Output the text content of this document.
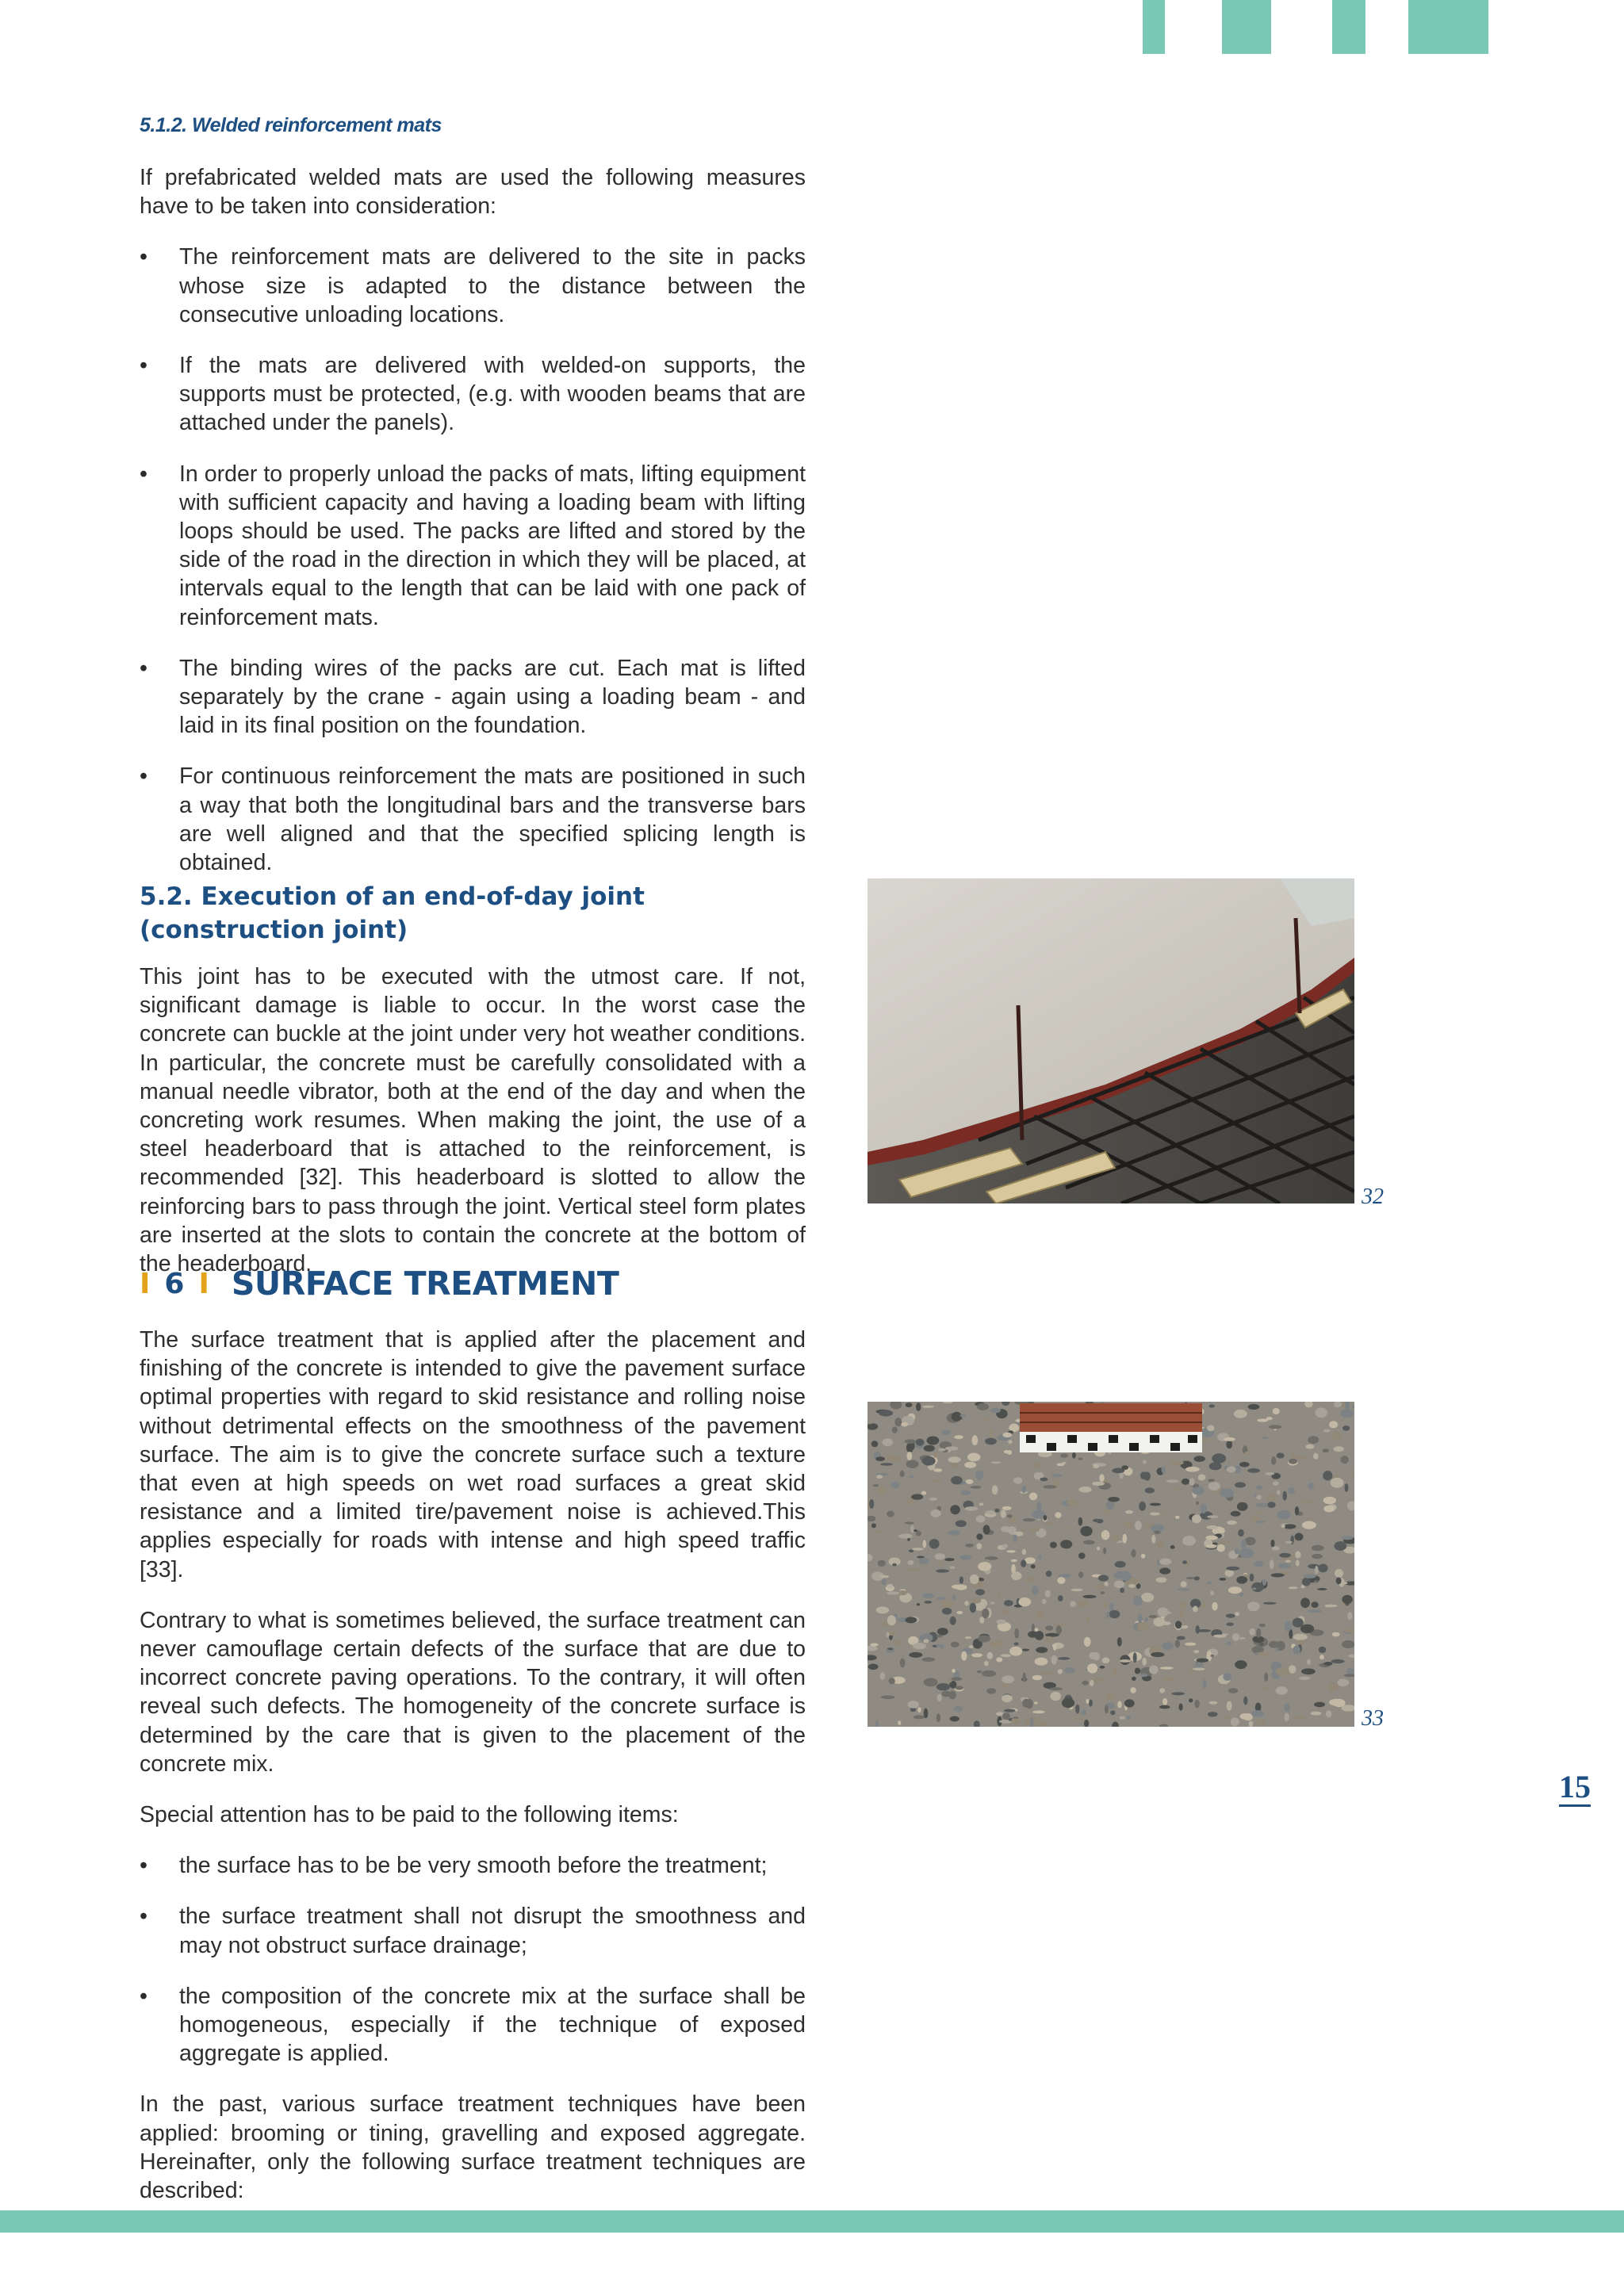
5.1.2. Welded reinforcement mats

If prefabricated welded mats are used the following measures have to be taken into consideration:

•	The reinforcement mats are delivered to the site in packs whose size is adapted to the distance between the consecutive unloading locations.
•	If the mats are delivered with welded-on supports, the supports must be protected, (e.g. with wooden beams that are attached under the panels).
•	In order to properly unload the packs of mats, lifting equipment with sufficient capacity and having a loading beam with lifting loops should be used. The packs are lifted and stored by the side of the road in the direction in which they will be placed, at intervals equal to the length that can be laid with one pack of reinforcement mats.
•	The binding wires of the packs are cut. Each mat is lifted separately by the crane - again using a loading beam - and laid in its final position on the foundation.
•	For continuous reinforcement the mats are positioned in such a way that both the longitudinal bars and the transverse bars are well aligned and that the specified splicing length is obtained.
5.2. Execution of an end-of-day joint
(construction joint)

This joint has to be executed with the utmost care. If not, significant damage is liable to occur. In the worst case the concrete can buckle at the joint under very hot weather conditions. In particular, the concrete must be carefully consolidated with a manual needle vibrator, both at the end of the day and when the concreting work resumes. When making the joint, the use of a steel headerboard that is attached to the reinforcement, is recommended [32]. This headerboard is slotted to allow the reinforcing bars to pass through the joint. Vertical steel form plates are inserted at the slots to contain the concrete at the bottom of the headerboard.

I 6 I SURFACE TREATMENT

The surface treatment that is applied after the placement and finishing of the concrete is intended to give the pavement surface optimal properties with regard to skid resistance and rolling noise without detrimental effects on the smoothness of the pavement surface. The aim is to give the concrete surface such a texture that even at high speeds on wet road surfaces a great skid resistance and a limited tire/pavement noise is achieved.This applies especially for roads with intense and high speed traffic [33].

Contrary to what is sometimes believed, the surface treatment can never camouflage certain defects of the surface that are due to incorrect concrete paving operations. To the contrary, it will often reveal such defects. The homogeneity of the concrete surface is determined by the care that is given to the placement of the concrete mix.

Special attention has to be paid to the following items:

•	the surface has to be be very smooth before the treatment;
•	the surface treatment shall not disrupt the smoothness and may not obstruct surface drainage;
•	the composition of the concrete mix at the surface shall be homogeneous, especially if the technique of exposed aggregate is applied.

In the past, various surface treatment techniques have been applied: brooming or tining, gravelling and exposed aggregate. Hereinafter, only the following surface treatment techniques are described:

32
33
15
